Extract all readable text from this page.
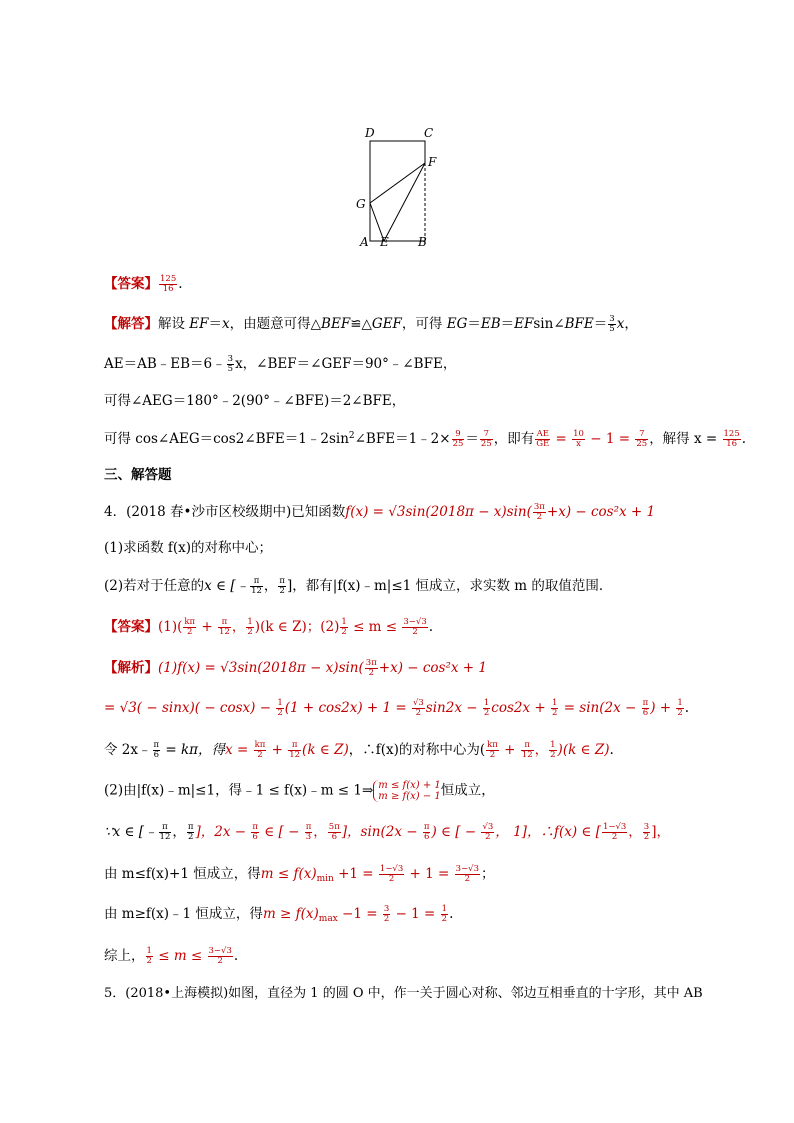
D	C
F
G
A E B
【答案】 $\frac{125}{16}$ .
【解答】解设 EF＝x，由题意可得△BEF≌△GEF，可得 EG＝EB＝EFsin∠BFE＝ $\frac{3}{5}$ x，
AE＝AB﹣EB＝6﹣ $\frac{3}{5}$ x，∠BEF＝∠GEF＝90°﹣∠BFE，
可得∠AEG＝180°﹣2(90°﹣∠BFE)＝2∠BFE，
可得 $\cos\angle AEG=\cos 2\angle BFE=1﹣2\sin^2\angle BFE=1﹣2\times \frac{9}{25} = \frac{7}{25}$ ，即有 $\frac{AE}{GE} = \frac{10}{x} - 1 = \frac{7}{25}$ ，解得 $x = \frac{125}{16}$ .
三、解答题
4．(2018 春•沙市区校级期中)已知函数$f(x) = √3\sin(2018\pi - x)\sin( \frac{3\pi}{2} +x) - \cos^2x + 1$
(1)求函数 f(x)的对称中心；
(2)若对于任意的x ∈ [﹣ $\frac{\pi}{12}$ ， $\frac{\pi}{2}$ ]，都有|f(x)﹣m|≤1 恒成立，求实数 m 的取值范围．
【答案】$(1)( \frac{k\pi}{2} + \frac{\pi}{12}$ ， $\frac{1}{2} )(k$ ∈ Z)；$(2) \frac{1}{2} \le m \le \frac{3-√3}{2}$ .
【解析】$(1)f(x) = √3\sin(2018\pi - x)\sin( \frac{3\pi}{2} +x) - \cos^2x + 1$
= $√3( - \sin x)( - \cos x) - \frac{1}{2} (1 + \cos 2x) + 1 = \frac{√3}{2} \sin 2x - \frac{1}{2} \cos 2x + \frac{1}{2} = \sin(2x - \frac{\pi}{6}$ ) + $\frac{1}{2}$ .
令 2x﹣ $\frac{\pi}{6} = k\pi$，得$x = \frac{k\pi}{2} + \frac{\pi}{12} (k$ ∈ Z)，∴f(x)的对称中心为( $\frac{k\pi}{2} + \frac{\pi}{12}$ ， $\frac{1}{2} )(k$ ∈ Z).
(2)由|f(x)﹣m|≤1，得﹣1 ≤ f(x)﹣m ≤ 1⇒ m ≤ f(x) + 1
m ≥ f(x) − 1 恒成立，
∵x ∈ [﹣ $\frac{\pi}{12}$ ， $\frac{\pi}{2}$ ]，$2x - \frac{\pi}{6}$ ∈ [ − $\frac{\pi}{3}$ ， $\frac{5\pi}{6}$ ]，$\sin(2x - \frac{\pi}{6}$ ) ∈ [ − $\frac{√3}{2}$ ， 1]，∴f(x) ∈ [ $\frac{1-√3}{2}$ ， $\frac{3}{2}$ ]，
由 m≤f(x)+1 恒成立，得$m \le f(x)_{min} +1 = \frac{1-√3}{2} + 1 = \frac{3-√3}{2}$ ；
由 m≥f(x)﹣1 恒成立，得$m \ge f(x)_{max} -1 = \frac{3}{2} - 1 = \frac{1}{2}$ .
综上， $\frac{1}{2} \le m \le \frac{3-√3}{2}$ .
5．(2018•上海模拟)如图，直径为 1 的圆 O 中，作一关于圆心对称、邻边互相垂直的十字形，其中 AB
